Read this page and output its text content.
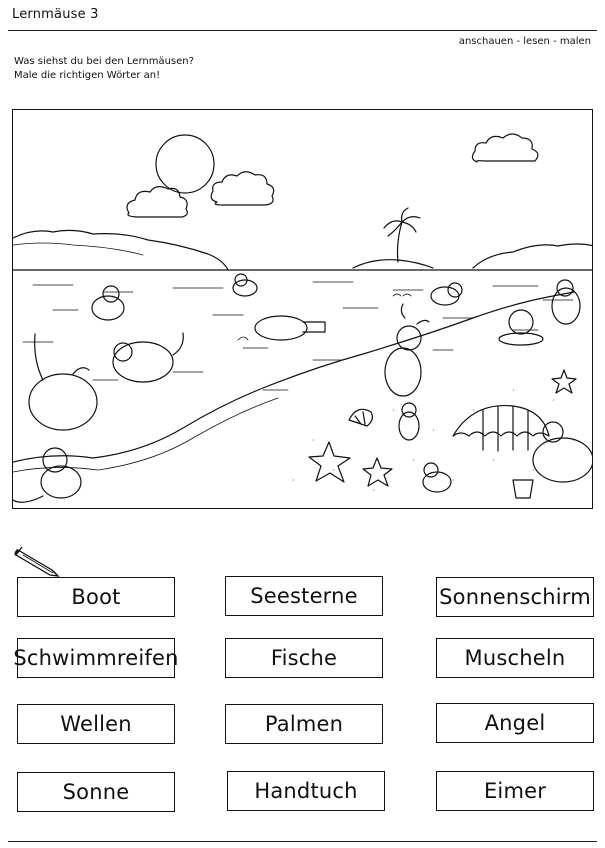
Lernmäuse 3
anschauen - lesen - malen
Was siehst du bei den Lernmäusen?
Male die richtigen Wörter an!
Boot	Seesterne	Sonnenschirm
Schwimmreifen	Fische	Muscheln
Wellen	Palmen	Angel
Sonne	Handtuch	Eimer
